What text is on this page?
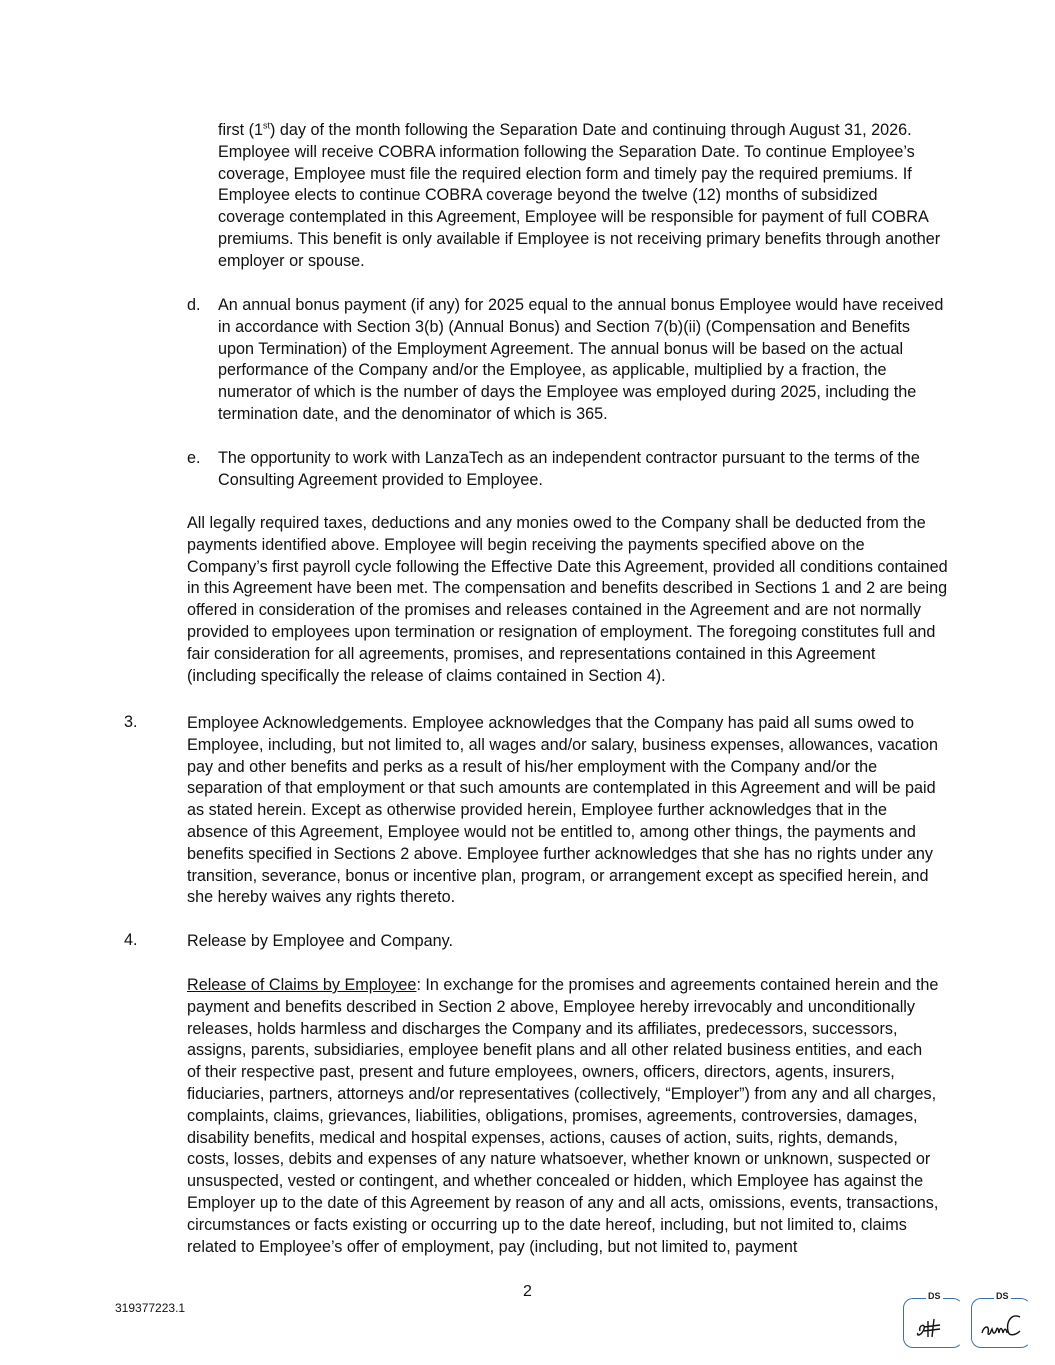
first (1st) day of the month following the Separation Date and continuing through August 31, 2026. Employee will receive COBRA information following the Separation Date. To continue Employee’s coverage, Employee must file the required election form and timely pay the required premiums. If Employee elects to continue COBRA coverage beyond the twelve (12) months of subsidized coverage contemplated in this Agreement, Employee will be responsible for payment of full COBRA premiums. This benefit is only available if Employee is not receiving primary benefits through another employer or spouse.

d. An annual bonus payment (if any) for 2025 equal to the annual bonus Employee would have received in accordance with Section 3(b) (Annual Bonus) and Section 7(b)(ii) (Compensation and Benefits upon Termination) of the Employment Agreement. The annual bonus will be based on the actual performance of the Company and/or the Employee, as applicable, multiplied by a fraction, the numerator of which is the number of days the Employee was employed during 2025, including the termination date, and the denominator of which is 365.

e. The opportunity to work with LanzaTech as an independent contractor pursuant to the terms of the Consulting Agreement provided to Employee.

All legally required taxes, deductions and any monies owed to the Company shall be deducted from the payments identified above. Employee will begin receiving the payments specified above on the Company’s first payroll cycle following the Effective Date this Agreement, provided all conditions contained in this Agreement have been met. The compensation and benefits described in Sections 1 and 2 are being offered in consideration of the promises and releases contained in the Agreement and are not normally provided to employees upon termination or resignation of employment. The foregoing constitutes full and fair consideration for all agreements, promises, and representations contained in this Agreement (including specifically the release of claims contained in Section 4).

3.	Employee Acknowledgements. Employee acknowledges that the Company has paid all sums owed to Employee, including, but not limited to, all wages and/or salary, business expenses, allowances, vacation pay and other benefits and perks as a result of his/her employment with the Company and/or the separation of that employment or that such amounts are contemplated in this Agreement and will be paid as stated herein. Except as otherwise provided herein, Employee further acknowledges that in the absence of this Agreement, Employee would not be entitled to, among other things, the payments and benefits specified in Sections 2 above. Employee further acknowledges that she has no rights under any transition, severance, bonus or incentive plan, program, or arrangement except as specified herein, and she hereby waives any rights thereto.

4.	Release by Employee and Company.

Release of Claims by Employee: In exchange for the promises and agreements contained herein and the payment and benefits described in Section 2 above, Employee hereby irrevocably and unconditionally releases, holds harmless and discharges the Company and its affiliates, predecessors, successors, assigns, parents, subsidiaries, employee benefit plans and all other related business entities, and each of their respective past, present and future employees, owners, officers, directors, agents, insurers, fiduciaries, partners, attorneys and/or representatives (collectively, “Employer”) from any and all charges, complaints, claims, grievances, liabilities, obligations, promises, agreements, controversies, damages, disability benefits, medical and hospital expenses, actions, causes of action, suits, rights, demands, costs, losses, debits and expenses of any nature whatsoever, whether known or unknown, suspected or unsuspected, vested or contingent, and whether concealed or hidden, which Employee has against the Employer up to the date of this Agreement by reason of any and all acts, omissions, events, transactions, circumstances or facts existing or occurring up to the date hereof, including, but not limited to, claims related to Employee’s offer of employment, pay (including, but not limited to, payment

2
319377223.1
DS	DS
